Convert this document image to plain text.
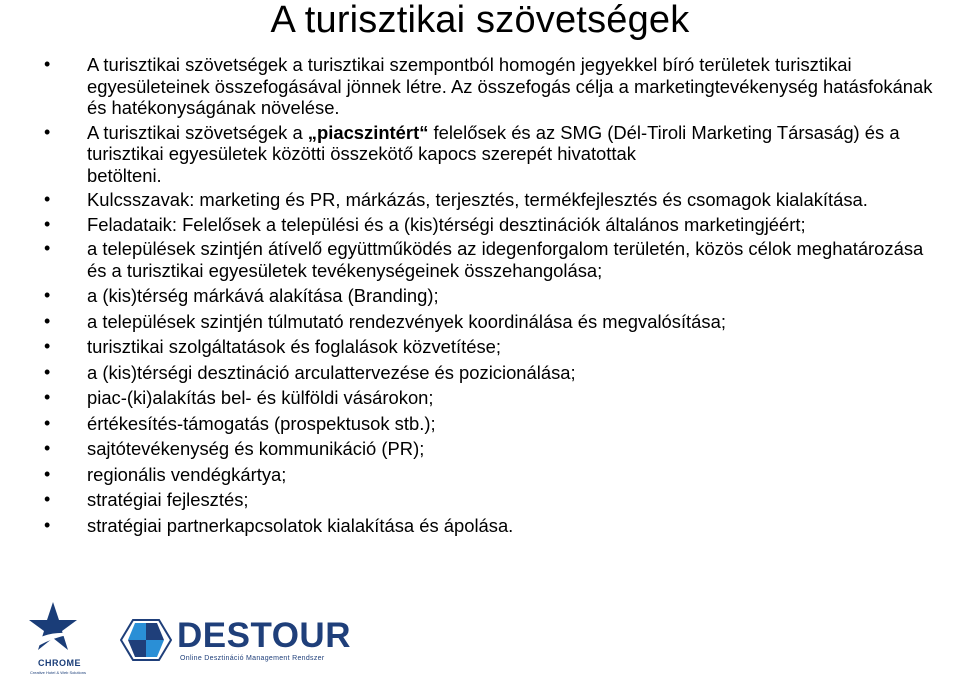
A turisztikai szövetségek
• A turisztikai szövetségek a turisztikai szempontból homogén jegyekkel bíró területek turisztikai egyesületeinek összefogásával jönnek létre. Az összefogás célja a marketingtevékenység hatásfokának és hatékonyságának növelése.
• A turisztikai szövetségek a „piacszintért“ felelősek és az SMG (Dél-Tiroli Marketing Társaság) és a turisztikai egyesületek közötti összekötő kapocs szerepét hivatottak
betölteni.
• Kulcsszavak: marketing és PR, márkázás, terjesztés, termékfejlesztés és csomagok kialakítása.
• Feladataik: Felelősek a települési és a (kis)térségi desztinációk általános marketingjéért;
• a települések szintjén átívelő együttműködés az idegenforgalom területén, közös célok meghatározása és a turisztikai egyesületek tevékenységeinek összehangolása;
• a (kis)térség márkává alakítása (Branding);
• a települések szintjén túlmutató rendezvények koordinálása és megvalósítása;
• turisztikai szolgáltatások és foglalások közvetítése;
• a (kis)térségi desztináció arculattervezése és pozicionálása;
• piac-(ki)alakítás bel- és külföldi vásárokon;
• értékesítés-támogatás (prospektusok stb.);
• sajtótevékenység és kommunikáció (PR);
• regionális vendégkártya;
• stratégiai fejlesztés;
• stratégiai partnerkapcsolatok kialakítása és ápolása.
CHROME
Creative Hotel & Web Solutions
DESTOUR
Online Desztináció Management Rendszer
